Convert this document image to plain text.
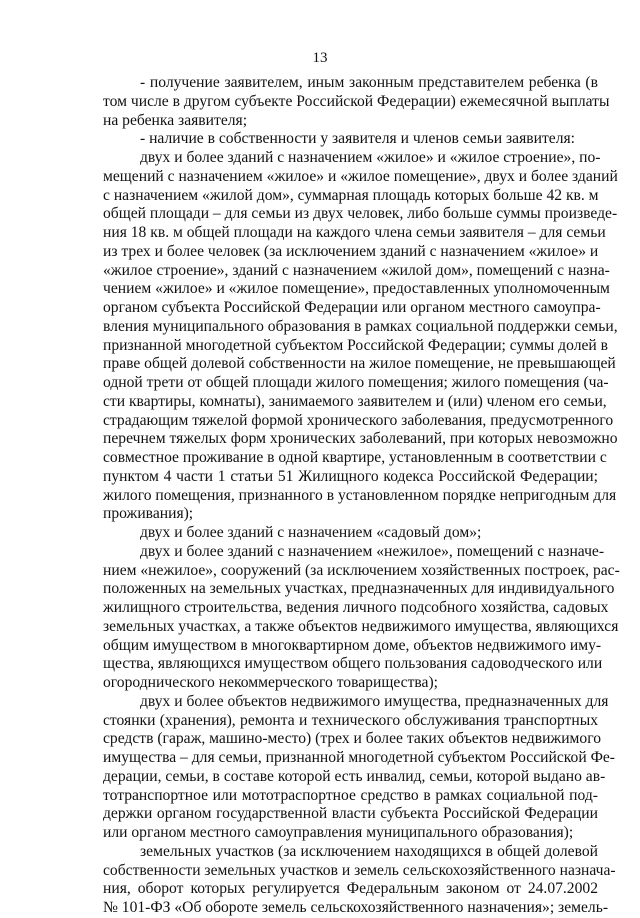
13
- получение заявителем, иным законным представителем ребенка (в
том числе в другом субъекте Российской Федерации) ежемесячной выплаты
на ребенка заявителя;
- наличие в собственности у заявителя и членов семьи заявителя:
двух и более зданий с назначением «жилое» и «жилое строение», по-
мещений с назначением «жилое» и «жилое помещение», двух и более зданий
с назначением «жилой дом», суммарная площадь которых больше 42 кв. м
общей площади – для семьи из двух человек, либо больше суммы произведе-
ния 18 кв. м общей площади на каждого члена семьи заявителя – для семьи
из трех и более человек (за исключением зданий с назначением «жилое» и
«жилое строение», зданий с назначением «жилой дом», помещений с назна-
чением «жилое» и «жилое помещение», предоставленных уполномоченным
органом субъекта Российской Федерации или органом местного самоупра-
вления муниципального образования в рамках социальной поддержки семьи,
признанной многодетной субъектом Российской Федерации; суммы долей в
праве общей долевой собственности на жилое помещение, не превышающей
одной трети от общей площади жилого помещения; жилого помещения (ча-
сти квартиры, комнаты), занимаемого заявителем и (или) членом его семьи,
страдающим тяжелой формой хронического заболевания, предусмотренного
перечнем тяжелых форм хронических заболеваний, при которых невозможно
совместное проживание в одной квартире, установленным в соответствии с
пунктом 4 части 1 статьи 51 Жилищного кодекса Российской Федерации;
жилого помещения, признанного в установленном порядке непригодным для
проживания);
двух и более зданий с назначением «садовый дом»;
двух и более зданий с назначением «нежилое», помещений с назначе-
нием «нежилое», сооружений (за исключением хозяйственных построек, рас-
положенных на земельных участках, предназначенных для индивидуального
жилищного строительства, ведения личного подсобного хозяйства, садовых
земельных участках, а также объектов недвижимого имущества, являющихся
общим имуществом в многоквартирном доме, объектов недвижимого иму-
щества, являющихся имуществом общего пользования садоводческого или
огороднического некоммерческого товарищества);
двух и более объектов недвижимого имущества, предназначенных для
стоянки (хранения), ремонта и технического обслуживания транспортных
средств (гараж, машино-место) (трех и более таких объектов недвижимого
имущества – для семьи, признанной многодетной субъектом Российской Фе-
дерации, семьи, в составе которой есть инвалид, семьи, которой выдано ав-
тотранспортное или мототраспортное средство в рамках социальной под-
держки органом государственной власти субъекта Российской Федерации
или органом местного самоуправления муниципального образования);
земельных участков (за исключением находящихся в общей долевой
собственности земельных участков и земель сельскохозяйственного назнача-
ния, оборот которых регулируется Федеральным законом от 24.07.2002
№ 101-ФЗ «Об обороте земель сельскохозяйственного назначения»; земель-
